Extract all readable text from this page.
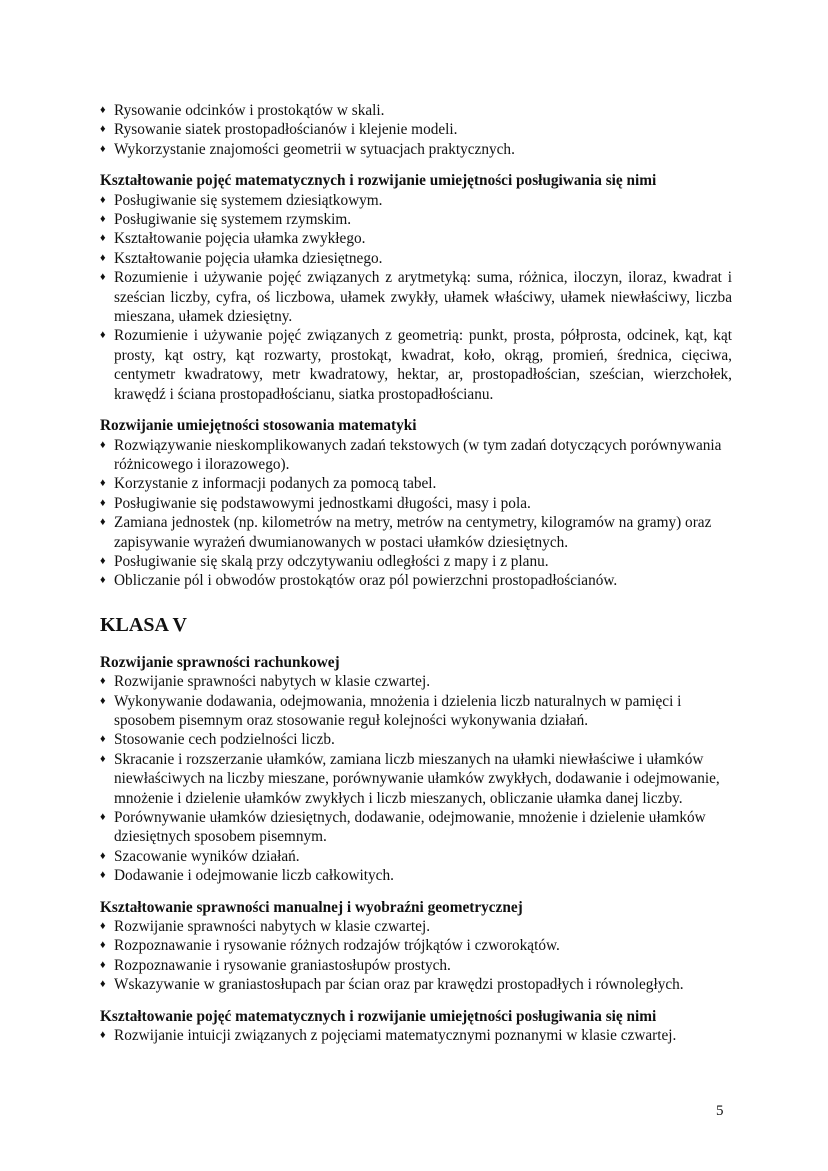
♦ Rysowanie odcinków i prostokątów w skali.
♦ Rysowanie siatek prostopadłościanów i klejenie modeli.
♦ Wykorzystanie znajomości geometrii w sytuacjach praktycznych.
Kształtowanie pojęć matematycznych i rozwijanie umiejętności posługiwania się nimi
♦ Posługiwanie się systemem dziesiątkowym.
♦ Posługiwanie się systemem rzymskim.
♦ Kształtowanie pojęcia ułamka zwykłego.
♦ Kształtowanie pojęcia ułamka dziesiętnego.
♦ Rozumienie i używanie pojęć związanych z arytmetyką: suma, różnica, iloczyn, iloraz, kwadrat i sześcian liczby, cyfra, oś liczbowa, ułamek zwykły, ułamek właściwy, ułamek niewłaściwy, liczba mieszana, ułamek dziesiętny.
♦ Rozumienie i używanie pojęć związanych z geometrią: punkt, prosta, półprosta, odcinek, kąt, kąt prosty, kąt ostry, kąt rozwarty, prostokąt, kwadrat, koło, okrąg, promień, średnica, cięciwa, centymetr kwadratowy, metr kwadratowy, hektar, ar, prostopadłościan, sześcian, wierzchołek, krawędź i ściana prostopadłościanu, siatka prostopadłościanu.
Rozwijanie umiejętności stosowania matematyki
♦ Rozwiązywanie nieskomplikowanych zadań tekstowych (w tym zadań dotyczących porównywania różnicowego i ilorazowego).
♦ Korzystanie z informacji podanych za pomocą tabel.
♦ Posługiwanie się podstawowymi jednostkami długości, masy i pola.
♦ Zamiana jednostek (np. kilometrów na metry, metrów na centymetry, kilogramów na gramy) oraz zapisywanie wyrażeń dwumianowanych w postaci ułamków dziesiętnych.
♦ Posługiwanie się skalą przy odczytywaniu odległości z mapy i z planu.
♦ Obliczanie pól i obwodów prostokątów oraz pól powierzchni prostopadłościanów.
KLASA V
Rozwijanie sprawności rachunkowej
♦ Rozwijanie sprawności nabytych w klasie czwartej.
♦ Wykonywanie dodawania, odejmowania, mnożenia i dzielenia liczb naturalnych w pamięci i sposobem pisemnym oraz stosowanie reguł kolejności wykonywania działań.
♦ Stosowanie cech podzielności liczb.
♦ Skracanie i rozszerzanie ułamków, zamiana liczb mieszanych na ułamki niewłaściwe i ułamków niewłaściwych na liczby mieszane, porównywanie ułamków zwykłych, dodawanie i odejmowanie, mnożenie i dzielenie ułamków zwykłych i liczb mieszanych, obliczanie ułamka danej liczby.
♦ Porównywanie ułamków dziesiętnych, dodawanie, odejmowanie, mnożenie i dzielenie ułamków dziesiętnych sposobem pisemnym.
♦ Szacowanie wyników działań.
♦ Dodawanie i odejmowanie liczb całkowitych.
Kształtowanie sprawności manualnej i wyobraźni geometrycznej
♦ Rozwijanie sprawności nabytych w klasie czwartej.
♦ Rozpoznawanie i rysowanie różnych rodzajów trójkątów i czworokątów.
♦ Rozpoznawanie i rysowanie graniastosłupów prostych.
♦ Wskazywanie w graniastosłupach par ścian oraz par krawędzi prostopadłych i równoległych.
Kształtowanie pojęć matematycznych i rozwijanie umiejętności posługiwania się nimi
♦ Rozwijanie intuicji związanych z pojęciami matematycznymi poznanymi w klasie czwartej.
5
